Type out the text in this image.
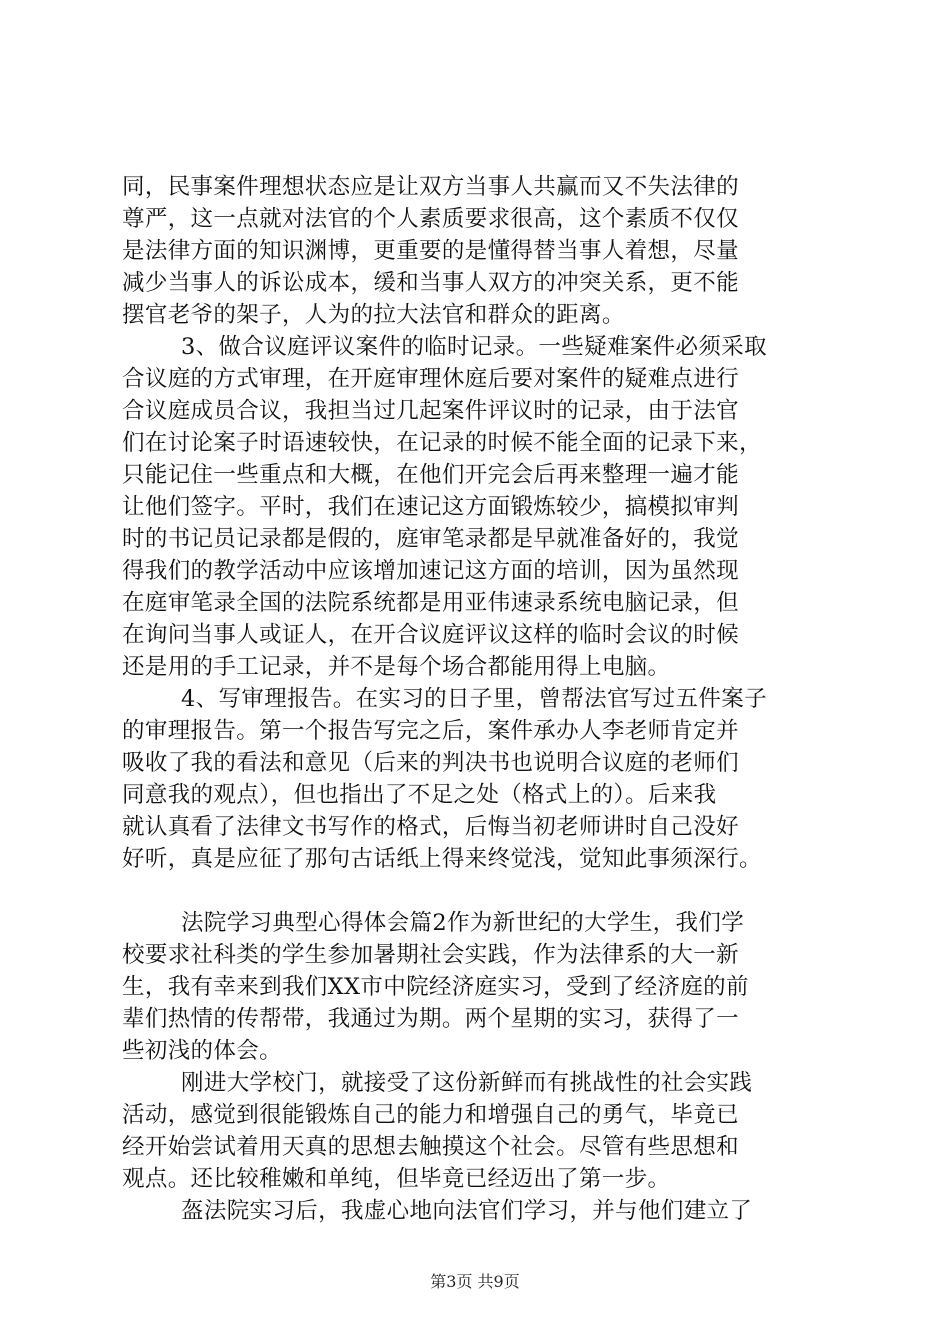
同，民事案件理想状态应是让双方当事人共赢而又不失法律的
尊严，这一点就对法官的个人素质要求很高，这个素质不仅仅
是法律方面的知识渊博，更重要的是懂得替当事人着想，尽量
减少当事人的诉讼成本，缓和当事人双方的冲突关系，更不能
摆官老爷的架子，人为的拉大法官和群众的距离。
3、做合议庭评议案件的临时记录。一些疑难案件必须采取
合议庭的方式审理，在开庭审理休庭后要对案件的疑难点进行
合议庭成员合议，我担当过几起案件评议时的记录，由于法官
们在讨论案子时语速较快，在记录的时候不能全面的记录下来，
只能记住一些重点和大概，在他们开完会后再来整理一遍才能
让他们签字。平时，我们在速记这方面锻炼较少，搞模拟审判
时的书记员记录都是假的，庭审笔录都是早就准备好的，我觉
得我们的教学活动中应该增加速记这方面的培训，因为虽然现
在庭审笔录全国的法院系统都是用亚伟速录系统电脑记录，但
在询问当事人或证人，在开合议庭评议这样的临时会议的时候
还是用的手工记录，并不是每个场合都能用得上电脑。
4、写审理报告。在实习的日子里，曾帮法官写过五件案子
的审理报告。第一个报告写完之后，案件承办人李老师肯定并
吸收了我的看法和意见（后来的判决书也说明合议庭的老师们
同意我的观点），但也指出了不足之处（格式上的）。后来我
就认真看了法律文书写作的格式，后悔当初老师讲时自己没好
好听，真是应征了那句古话纸上得来终觉浅，觉知此事须深行。
法院学习典型心得体会篇2作为新世纪的大学生，我们学
校要求社科类的学生参加暑期社会实践，作为法律系的大一新
生，我有幸来到我们XX市中院经济庭实习，受到了经济庭的前
辈们热情的传帮带，我通过为期。两个星期的实习，获得了一
些初浅的体会。
刚进大学校门，就接受了这份新鲜而有挑战性的社会实践
活动，感觉到很能锻炼自己的能力和增强自己的勇气，毕竟已
经开始尝试着用天真的思想去触摸这个社会。尽管有些思想和
观点。还比较稚嫩和单纯，但毕竟已经迈出了第一步。
盔法院实习后，我虚心地向法官们学习，并与他们建立了
第3页 共9页
